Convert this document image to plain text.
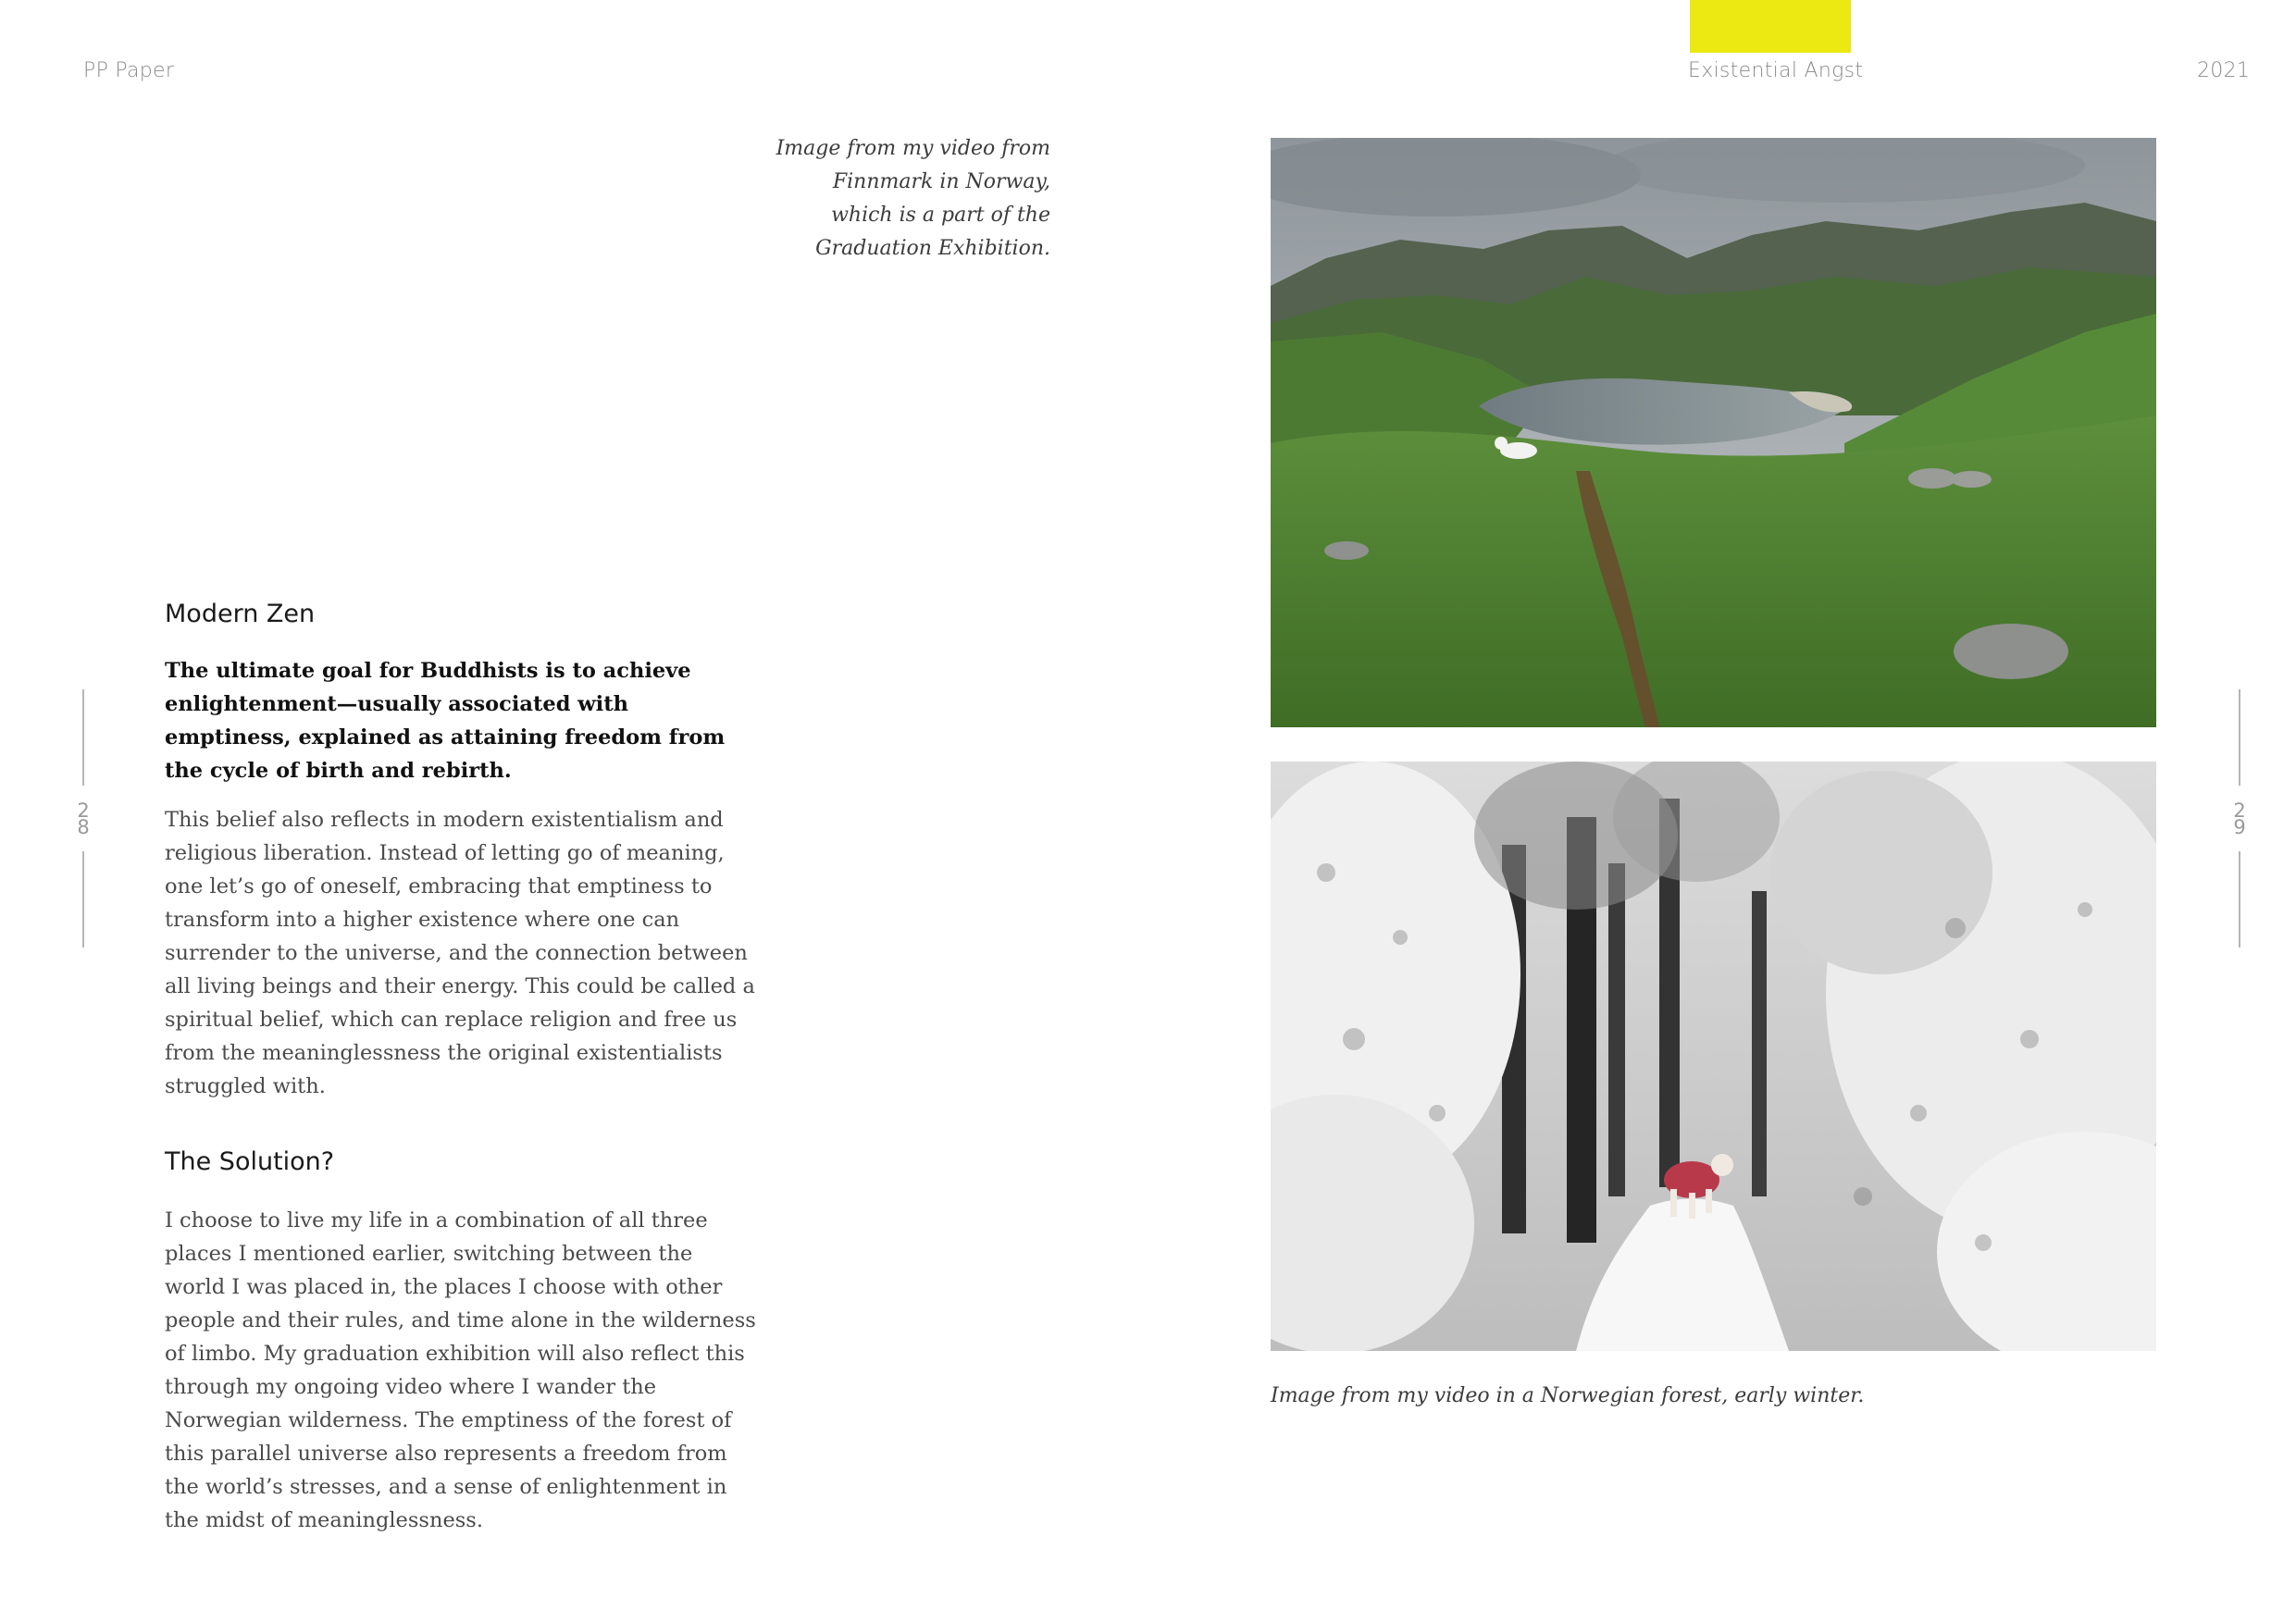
PP Paper	Existential Angst	2021
2
8
2
9
Image from my video from
Finnmark in Norway,
which is a part of the
Graduation Exhibition.
Modern Zen
The ultimate goal for Buddhists is to achieve enlightenment—usually associated with emptiness, explained as attaining freedom from the cycle of birth and rebirth.
This belief also reflects in modern existentialism and religious liberation. Instead of letting go of meaning, one let’s go of oneself, embracing that emptiness to transform into a higher existence where one can surrender to the universe, and the connection between all living beings and their energy. This could be called a spiritual belief, which can replace religion and free us from the meaninglessness the original existentialists struggled with.
The Solution?
I choose to live my life in a combination of all three places I mentioned earlier, switching between the world I was placed in, the places I choose with other people and their rules, and time alone in the wilderness of limbo. My graduation exhibition will also reflect this through my ongoing video where I wander the Norwegian wilderness. The emptiness of the forest of this parallel universe also represents a freedom from the world’s stresses, and a sense of enlightenment in the midst of meaninglessness.
Image from my video in a Norwegian forest, early winter.
